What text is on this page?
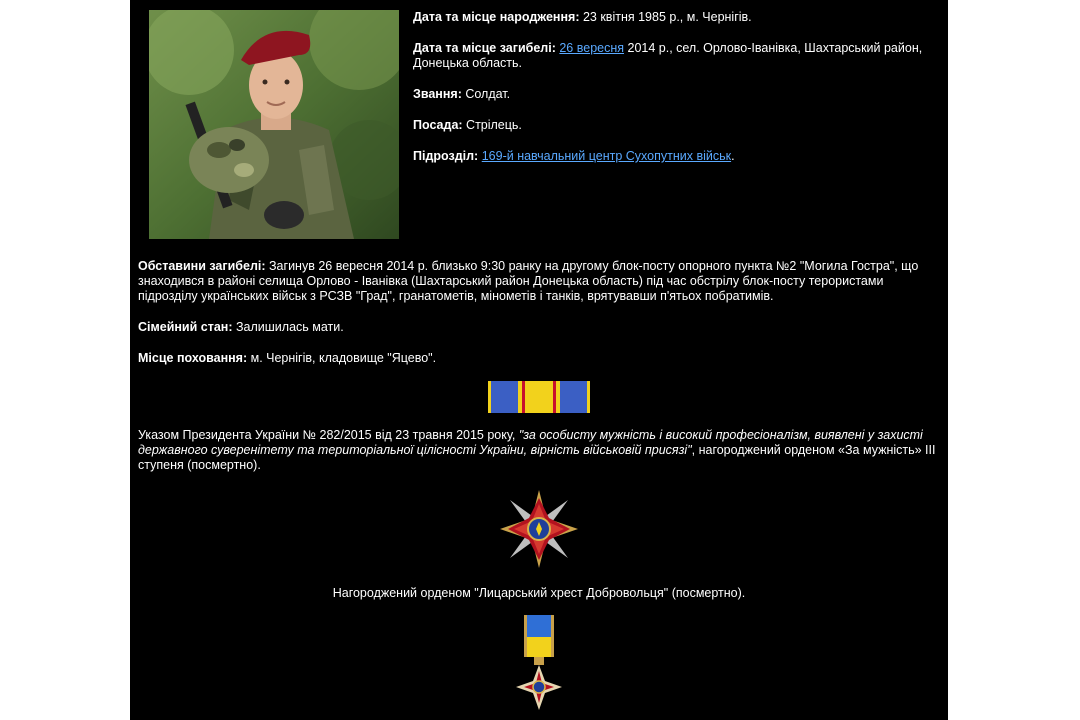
Дата та місце народження: 23 квітня 1985 р., м. Чернігів.

Дата та місце загибелі: 26 вересня 2014 р., сел. Орлово-Іванівка, Шахтарський район, Донецька область.

Звання: Солдат.

Посада: Стрілець.

Підрозділ: 169-й навчальний центр Сухопутних військ.

Обставини загибелі: Загинув 26 вересня 2014 р. близько 9:30 ранку на другому блок-посту опорного пункта №2 "Могила Гостра", що знаходився в районі селища Орлово - Іванівка (Шахтарський район Донецька область) під час обстрілу блок-посту терористами підрозділу українських військ з РСЗВ "Град", гранатометів, мінометів і танків, врятувавши п'ятьох побратимів.

Сімейний стан: Залишилась мати.

Місце поховання: м. Чернігів, кладовище "Яцево".

Указом Президента України № 282/2015 від 23 травня 2015 року, "за особисту мужність і високий професіоналізм, виявлені у захисті державного суверенітету та територіальної цілісності України, вірність військовій присязі", нагороджений орденом «За мужність» III ступеня (посмертно).
Нагороджений орденом "Лицарський хрест Добровольця" (посмертно).
